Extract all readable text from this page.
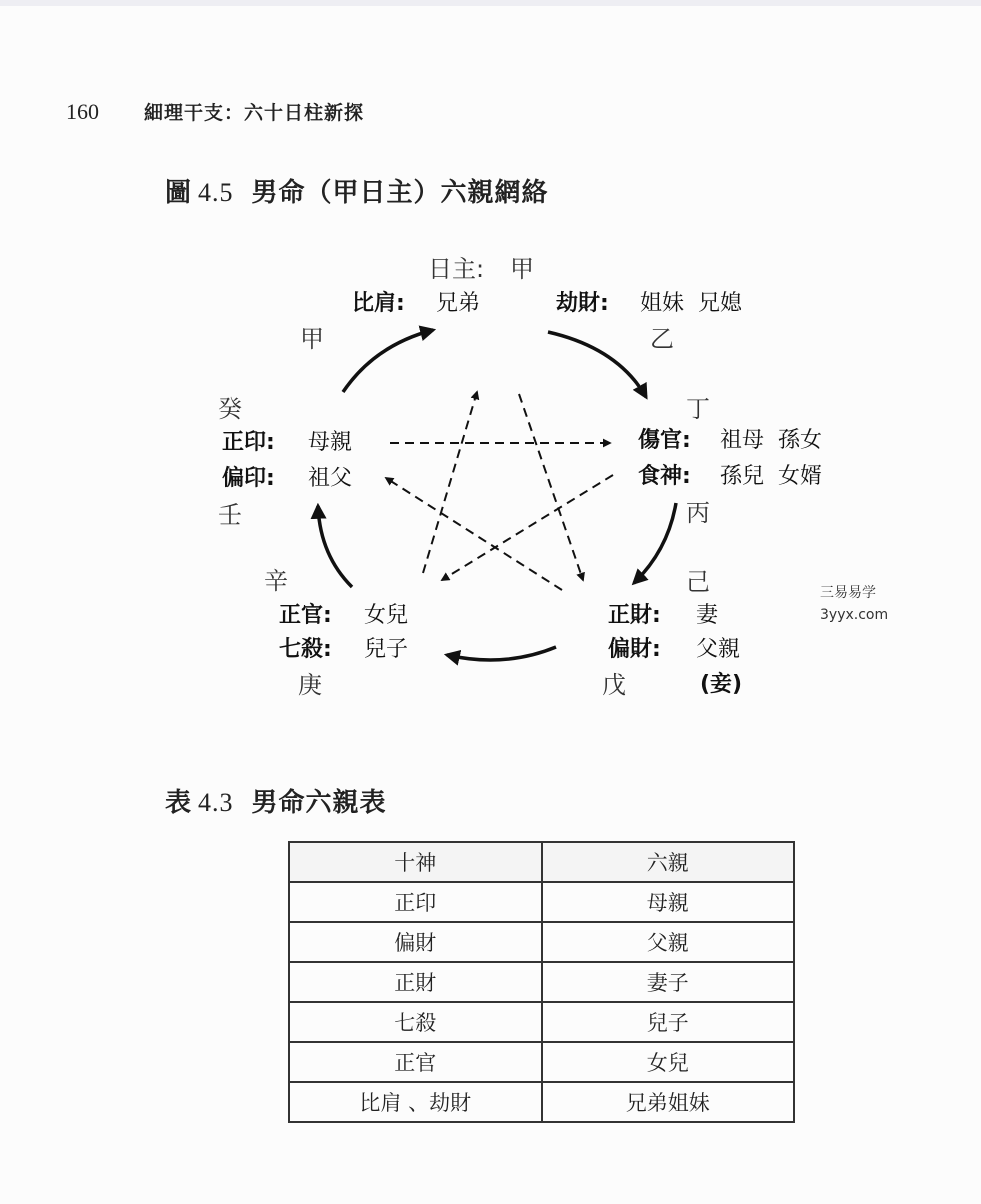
160	細理干支：六十日柱新探
圖 4.5 男命（甲日主）六親網絡
日主: 甲
比肩: 兄弟	劫財: 姐妹  兄媳
乙
丁
傷官: 祖母  孫女
食神: 孫兒  女婿
丙
己
正財: 妻
偏財: 父親
戊	(妾)
辛
正官: 女兒
七殺: 兒子
庚
甲
癸
正印: 母親
偏印: 祖父
壬
三易易学
3yyx.com
表 4.3 男命六親表
十神	六親
正印	母親
偏財	父親
正財	妻子
七殺	兒子
正官	女兒
比肩 、劫財	兄弟姐妹
